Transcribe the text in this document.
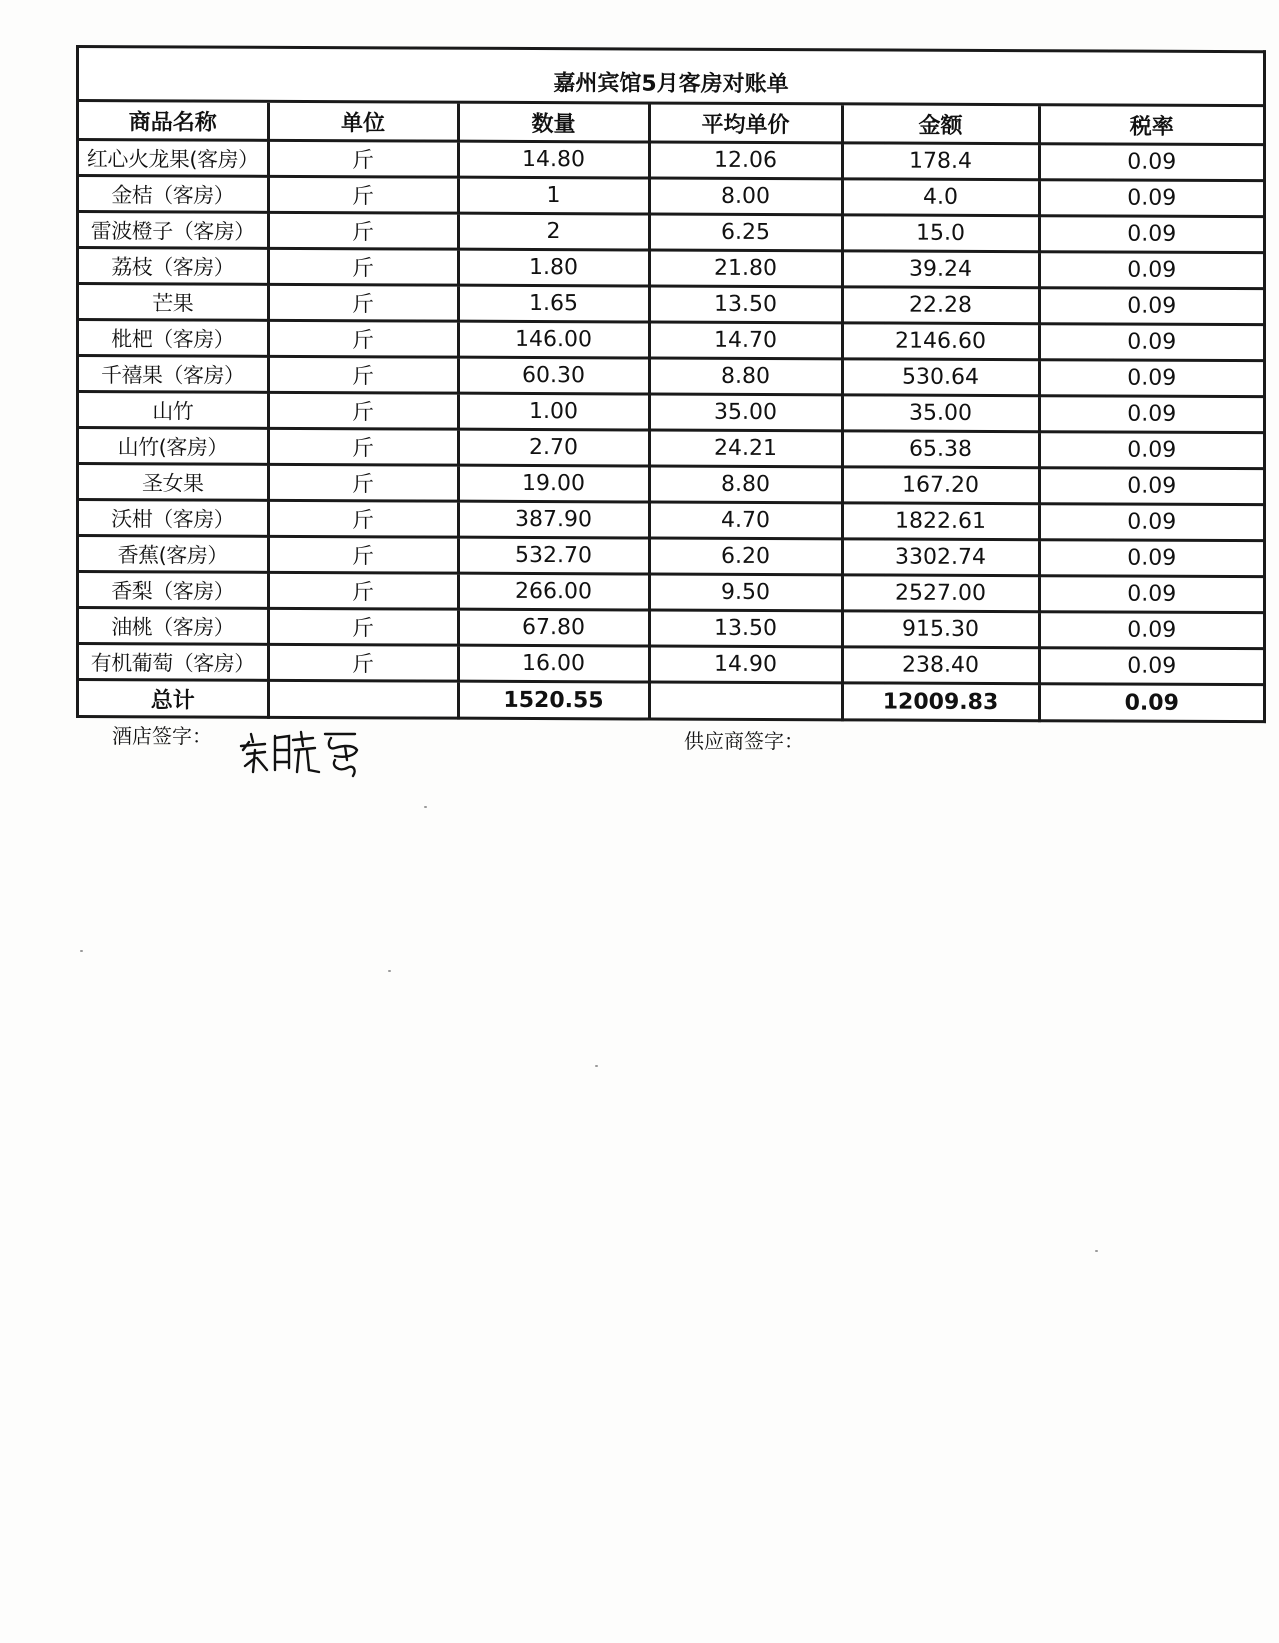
嘉州宾馆5月客房对账单
商品名称	单位	数量	平均单价	金额	税率
红心火龙果(客房）	斤	14.80	12.06	178.4	0.09
金桔（客房）	斤	1	8.00	4.0	0.09
雷波橙子（客房）	斤	2	6.25	15.0	0.09
荔枝（客房）	斤	1.80	21.80	39.24	0.09
芒果	斤	1.65	13.50	22.28	0.09
枇杷（客房）	斤	146.00	14.70	2146.60	0.09
千禧果（客房）	斤	60.30	8.80	530.64	0.09
山竹	斤	1.00	35.00	35.00	0.09
山竹(客房）	斤	2.70	24.21	65.38	0.09
圣女果	斤	19.00	8.80	167.20	0.09
沃柑（客房）	斤	387.90	4.70	1822.61	0.09
香蕉(客房）	斤	532.70	6.20	3302.74	0.09
香梨（客房）	斤	266.00	9.50	2527.00	0.09
油桃（客房）	斤	67.80	13.50	915.30	0.09
有机葡萄（客房）	斤	16.00	14.90	238.40	0.09
总计		1520.55		12009.83	0.09
酒店签字：	供应商签字：
